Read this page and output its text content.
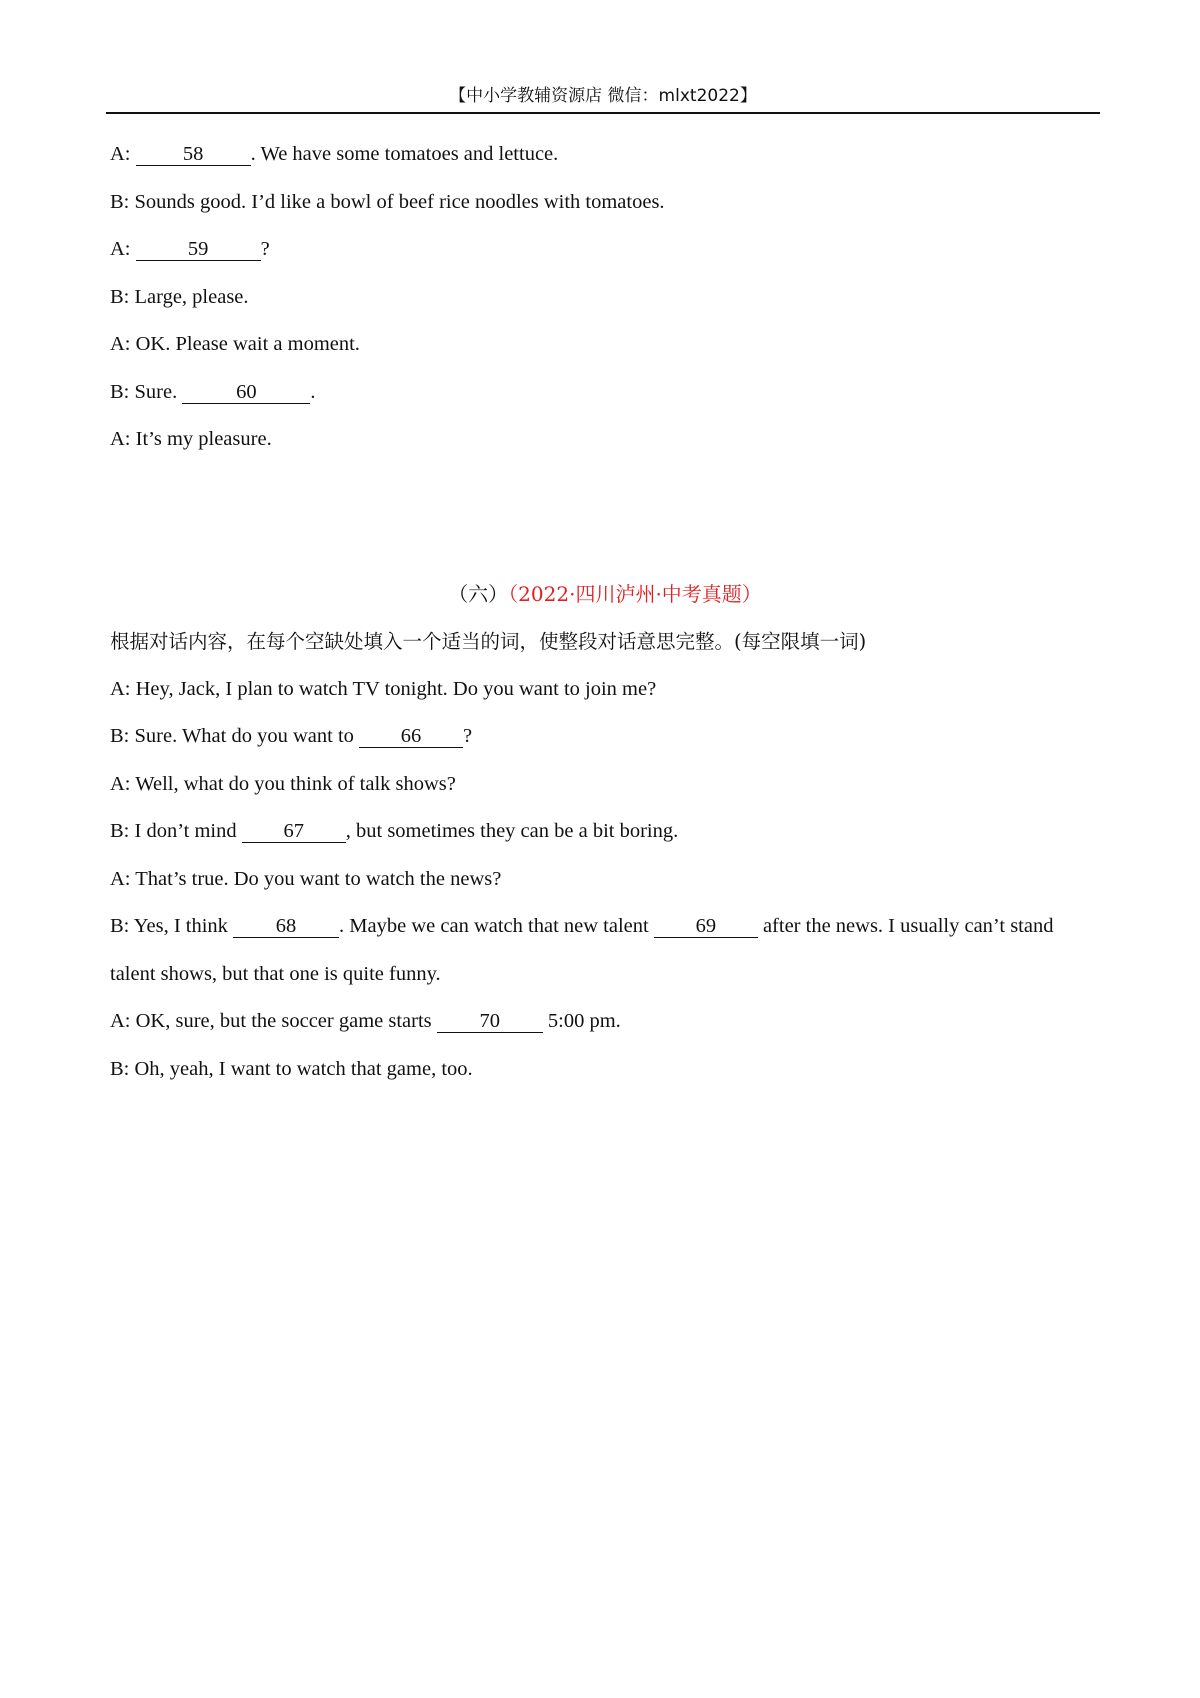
【中小学教辅资源店 微信：mlxt2022】
A:	58 . We have some tomatoes and lettuce.
B: Sounds good. I’d like a bowl of beef rice noodles with tomatoes.
A:	59	?
B: Large, please.
A: OK. Please wait a moment.
B: Sure.	60	.
A: It’s my pleasure.
（六）（2022·四川泸州·中考真题）
根据对话内容，在每个空缺处填入一个适当的词，使整段对话意思完整。(每空限填一词)
A: Hey, Jack, I plan to watch TV tonight. Do you want to join me?
B: Sure. What do you want to 66 ?
A: Well, what do you think of talk shows?
B: I don’t mind 67 , but sometimes they can be a bit boring.
A: That’s true. Do you want to watch the news?
B: Yes, I think 68 . Maybe we can watch that new talent 69 after the news. I usually can’t stand
talent shows, but that one is quite funny.
A: OK, sure, but the soccer game starts 70 5:00 pm.
B: Oh, yeah, I want to watch that game, too.
